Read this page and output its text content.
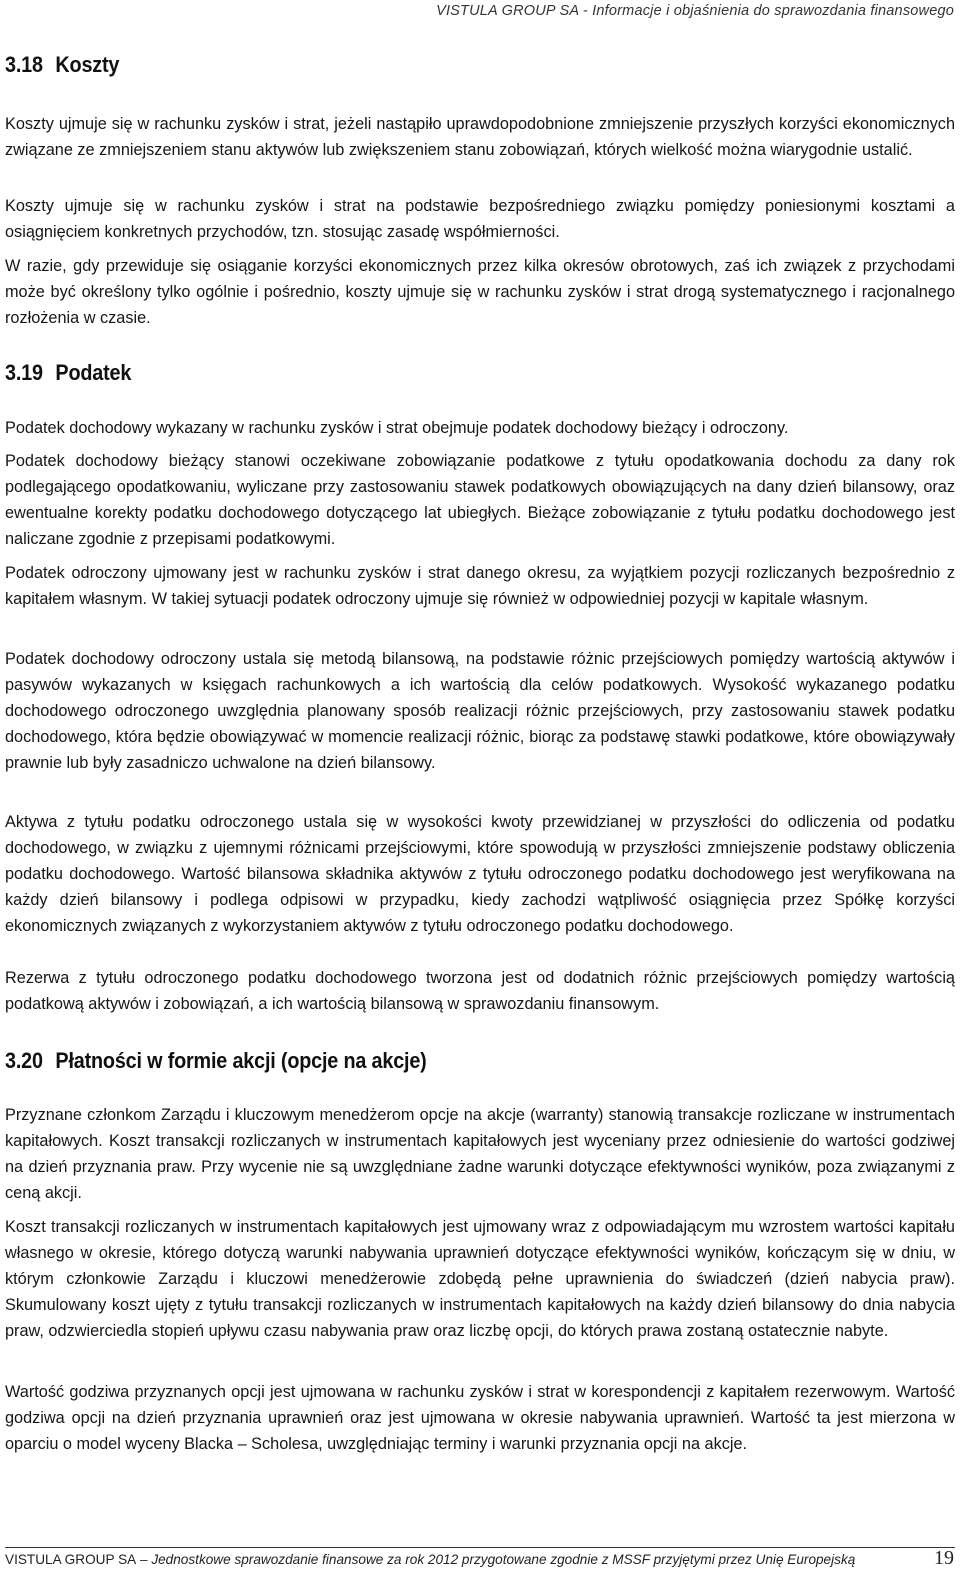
VISTULA GROUP SA - Informacje i objaśnienia do sprawozdania finansowego
3.18 Koszty

Koszty ujmuje się w rachunku zysków i strat, jeżeli nastąpiło uprawdopodobnione zmniejszenie przyszłych korzyści ekonomicznych związane ze zmniejszeniem stanu aktywów lub zwiększeniem stanu zobowiązań, których wielkość można wiarygodnie ustalić.

Koszty ujmuje się w rachunku zysków i strat na podstawie bezpośredniego związku pomiędzy poniesionymi kosztami a osiągnięciem konkretnych przychodów, tzn. stosując zasadę współmierności.

W razie, gdy przewiduje się osiąganie korzyści ekonomicznych przez kilka okresów obrotowych, zaś ich związek z przychodami może być określony tylko ogólnie i pośrednio, koszty ujmuje się w rachunku zysków i strat drogą systematycznego i racjonalnego rozłożenia w czasie.

3.19 Podatek

Podatek dochodowy wykazany w rachunku zysków i strat obejmuje podatek dochodowy bieżący i odroczony.

Podatek dochodowy bieżący stanowi oczekiwane zobowiązanie podatkowe z tytułu opodatkowania dochodu za dany rok podlegającego opodatkowaniu, wyliczane przy zastosowaniu stawek podatkowych obowiązujących na dany dzień bilansowy, oraz ewentualne korekty podatku dochodowego dotyczącego lat ubiegłych. Bieżące zobowiązanie z tytułu podatku dochodowego jest naliczane zgodnie z przepisami podatkowymi.

Podatek odroczony ujmowany jest w rachunku zysków i strat danego okresu, za wyjątkiem pozycji rozliczanych bezpośrednio z kapitałem własnym. W takiej sytuacji podatek odroczony ujmuje się również w odpowiedniej pozycji w kapitale własnym.

Podatek dochodowy odroczony ustala się metodą bilansową, na podstawie różnic przejściowych pomiędzy wartością aktywów i pasywów wykazanych w księgach rachunkowych a ich wartością dla celów podatkowych. Wysokość wykazanego podatku dochodowego odroczonego uwzględnia planowany sposób realizacji różnic przejściowych, przy zastosowaniu stawek podatku dochodowego, która będzie obowiązywać w momencie realizacji różnic, biorąc za podstawę stawki podatkowe, które obowiązywały prawnie lub były zasadniczo uchwalone na dzień bilansowy.

Aktywa z tytułu podatku odroczonego ustala się w wysokości kwoty przewidzianej w przyszłości do odliczenia od podatku dochodowego, w związku z ujemnymi różnicami przejściowymi, które spowodują w przyszłości zmniejszenie podstawy obliczenia podatku dochodowego. Wartość bilansowa składnika aktywów z tytułu odroczonego podatku dochodowego jest weryfikowana na każdy dzień bilansowy i podlega odpisowi w przypadku, kiedy zachodzi wątpliwość osiągnięcia przez Spółkę korzyści ekonomicznych związanych z wykorzystaniem aktywów z tytułu odroczonego podatku dochodowego.

Rezerwa z tytułu odroczonego podatku dochodowego tworzona jest od dodatnich różnic przejściowych pomiędzy wartością podatkową aktywów i zobowiązań, a ich wartością bilansową w sprawozdaniu finansowym.

3.20 Płatności w formie akcji (opcje na akcje)

Przyznane członkom Zarządu i kluczowym menedżerom opcje na akcje (warranty) stanowią transakcje rozliczane w instrumentach kapitałowych. Koszt transakcji rozliczanych w instrumentach kapitałowych jest wyceniany przez odniesienie do wartości godziwej na dzień przyznania praw. Przy wycenie nie są uwzględniane żadne warunki dotyczące efektywności wyników, poza związanymi z ceną akcji.

Koszt transakcji rozliczanych w instrumentach kapitałowych jest ujmowany wraz z odpowiadającym mu wzrostem wartości kapitału własnego w okresie, którego dotyczą warunki nabywania uprawnień dotyczące efektywności wyników, kończącym się w dniu, w którym członkowie Zarządu i kluczowi menedżerowie zdobędą pełne uprawnienia do świadczeń (dzień nabycia praw). Skumulowany koszt ujęty z tytułu transakcji rozliczanych w instrumentach kapitałowych na każdy dzień bilansowy do dnia nabycia praw, odzwierciedla stopień upływu czasu nabywania praw oraz liczbę opcji, do których prawa zostaną ostatecznie nabyte.

Wartość godziwa przyznanych opcji jest ujmowana w rachunku zysków i strat w korespondencji z kapitałem rezerwowym. Wartość godziwa opcji na dzień przyznania uprawnień oraz jest ujmowana w okresie nabywania uprawnień. Wartość ta jest mierzona w oparciu o model wyceny Blacka – Scholesa, uwzględniając terminy i warunki przyznania opcji na akcje.

VISTULA GROUP SA – Jednostkowe sprawozdanie finansowe za rok 2012 przygotowane zgodnie z MSSF przyjętymi przez Unię Europejską	19
